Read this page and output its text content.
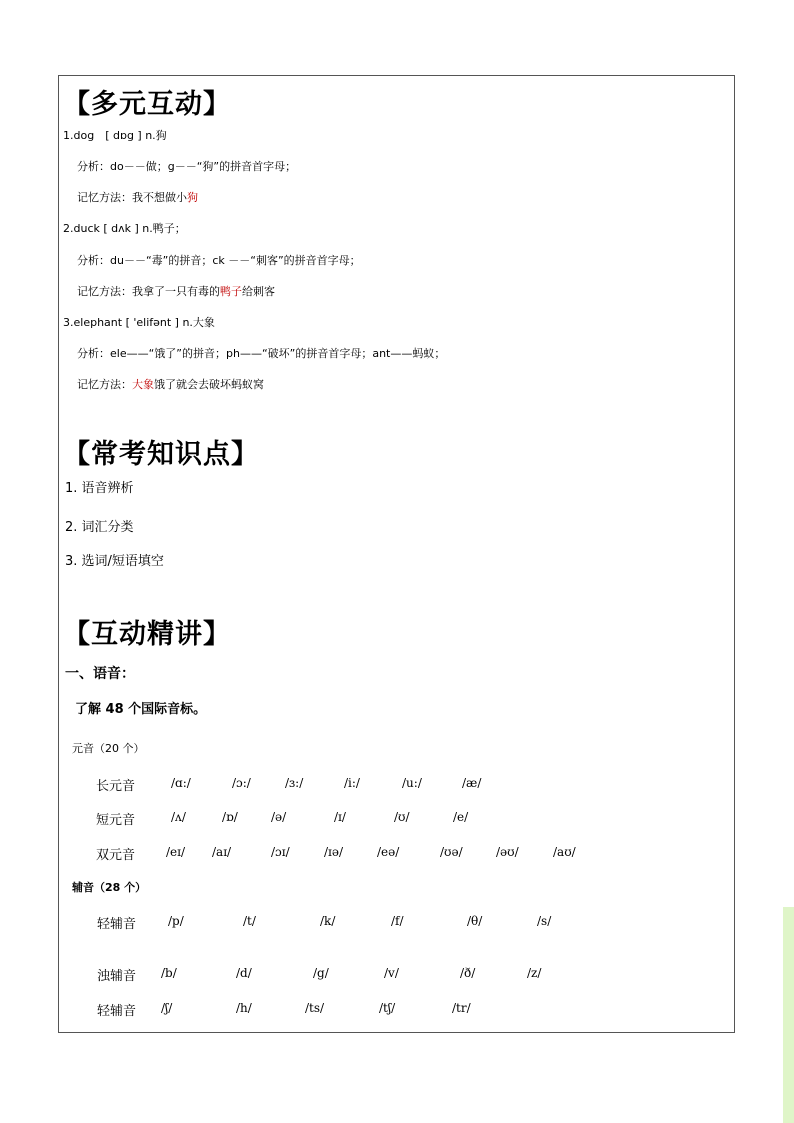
【多元互动】
1.dog　[ dɒg ] n.狗
分析：do－－做；g－－“狗”的拼音首字母；
记忆方法：我不想做小狗
2.duck [ dʌk ] n.鸭子；
分析：du－－“毒”的拼音；ck －－“刺客”的拼音首字母；
记忆方法：我拿了一只有毒的鸭子给刺客
3.elephant [ 'elifənt ] n.大象
分析：ele——“饿了”的拼音；ph——“破坏”的拼音首字母；ant——蚂蚁；
记忆方法：大象饿了就会去破坏蚂蚁窝
【常考知识点】
1. 语音辨析
2. 词汇分类
3. 选词/短语填空
【互动精讲】
一、语音：
了解 48 个国际音标。
元音（20 个）
长元音	/ɑ:/	/ɔ:/	/ɜ:/	/i:/	/u:/	/æ/
短元音	/ʌ/	/ɒ/	/ə/	/ɪ/	/ʊ/	/e/
双元音	/eɪ/ /aɪ/	/ɔɪ/	/ɪə/	/eə/	/ʊə/	/əʊ/	/aʊ/
辅音（28 个）
轻辅音	/p/	/t/	/k/	/f/	/θ/	/s/
浊辅音 /b/	/d/	/g/	/v/	/ð/	/z/
轻辅音 /ʃ/	/h/	/ts/	/tʃ/	/tr/
